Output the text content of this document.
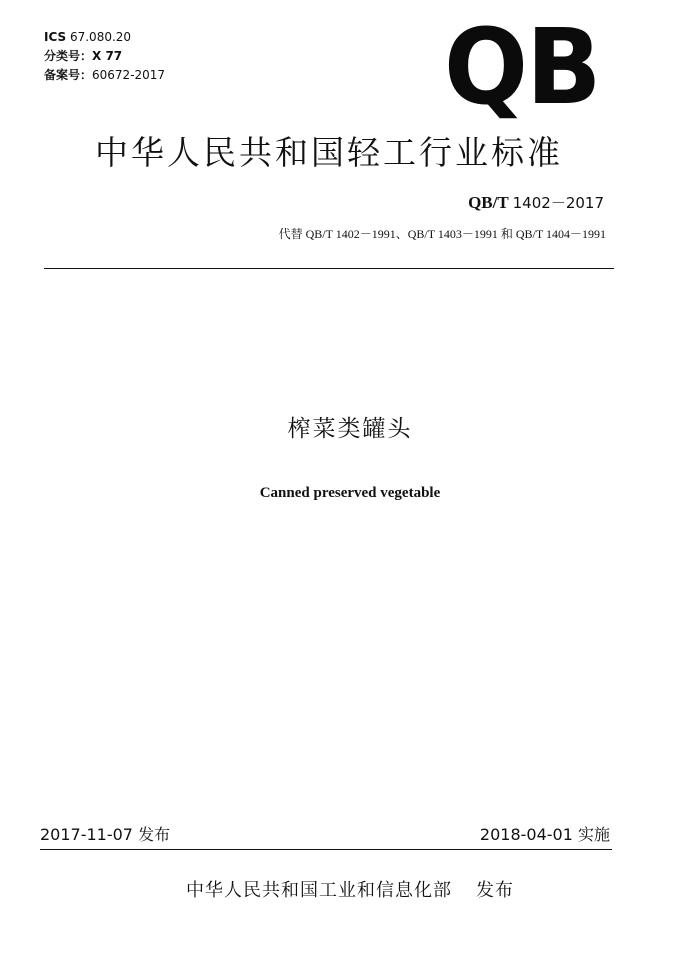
ICS 67.080.20
分类号：X 77
备案号：60672-2017	QB
中华人民共和国轻工行业标准
QB/T 1402－2017
代替 QB/T 1402－1991、QB/T 1403－1991 和 QB/T 1404－1991
榨菜类罐头
Canned preserved vegetable
2017-11-07 发布	2018-04-01 实施
中华人民共和国工业和信息化部 发布
